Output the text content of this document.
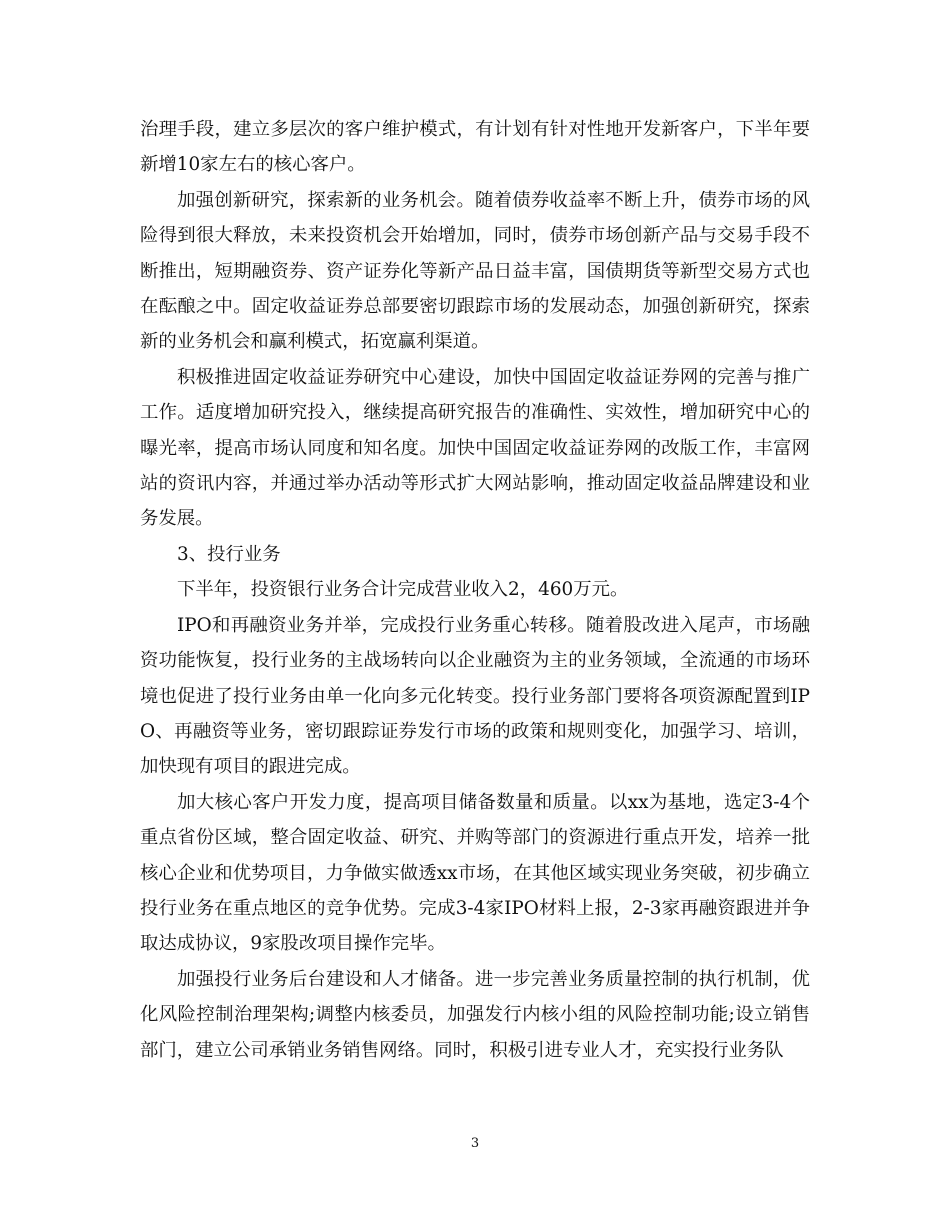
治理手段，建立多层次的客户维护模式，有计划有针对性地开发新客户，下半年要新增10家左右的核心客户。

加强创新研究，探索新的业务机会。随着债券收益率不断上升，债券市场的风险得到很大释放，未来投资机会开始增加，同时，债券市场创新产品与交易手段不断推出，短期融资券、资产证券化等新产品日益丰富，国债期货等新型交易方式也在酝酿之中。固定收益证券总部要密切跟踪市场的发展动态，加强创新研究，探索新的业务机会和赢利模式，拓宽赢利渠道。

积极推进固定收益证券研究中心建设，加快中国固定收益证券网的完善与推广工作。适度增加研究投入，继续提高研究报告的准确性、实效性，增加研究中心的曝光率，提高市场认同度和知名度。加快中国固定收益证券网的改版工作，丰富网站的资讯内容，并通过举办活动等形式扩大网站影响，推动固定收益品牌建设和业务发展。

3、投行业务

下半年，投资银行业务合计完成营业收入2，460万元。

IPO和再融资业务并举，完成投行业务重心转移。随着股改进入尾声，市场融资功能恢复，投行业务的主战场转向以企业融资为主的业务领域，全流通的市场环境也促进了投行业务由单一化向多元化转变。投行业务部门要将各项资源配置到IPO、再融资等业务，密切跟踪证券发行市场的政策和规则变化，加强学习、培训，加快现有项目的跟进完成。

加大核心客户开发力度，提高项目储备数量和质量。以xx为基地，选定3-4个重点省份区域，整合固定收益、研究、并购等部门的资源进行重点开发，培养一批核心企业和优势项目，力争做实做透xx市场，在其他区域实现业务突破，初步确立投行业务在重点地区的竞争优势。完成3-4家IPO材料上报，2-3家再融资跟进并争取达成协议，9家股改项目操作完毕。

加强投行业务后台建设和人才储备。进一步完善业务质量控制的执行机制，优化风险控制治理架构;调整内核委员，加强发行内核小组的风险控制功能;设立销售部门，建立公司承销业务销售网络。同时，积极引进专业人才，充实投行业务队

3
